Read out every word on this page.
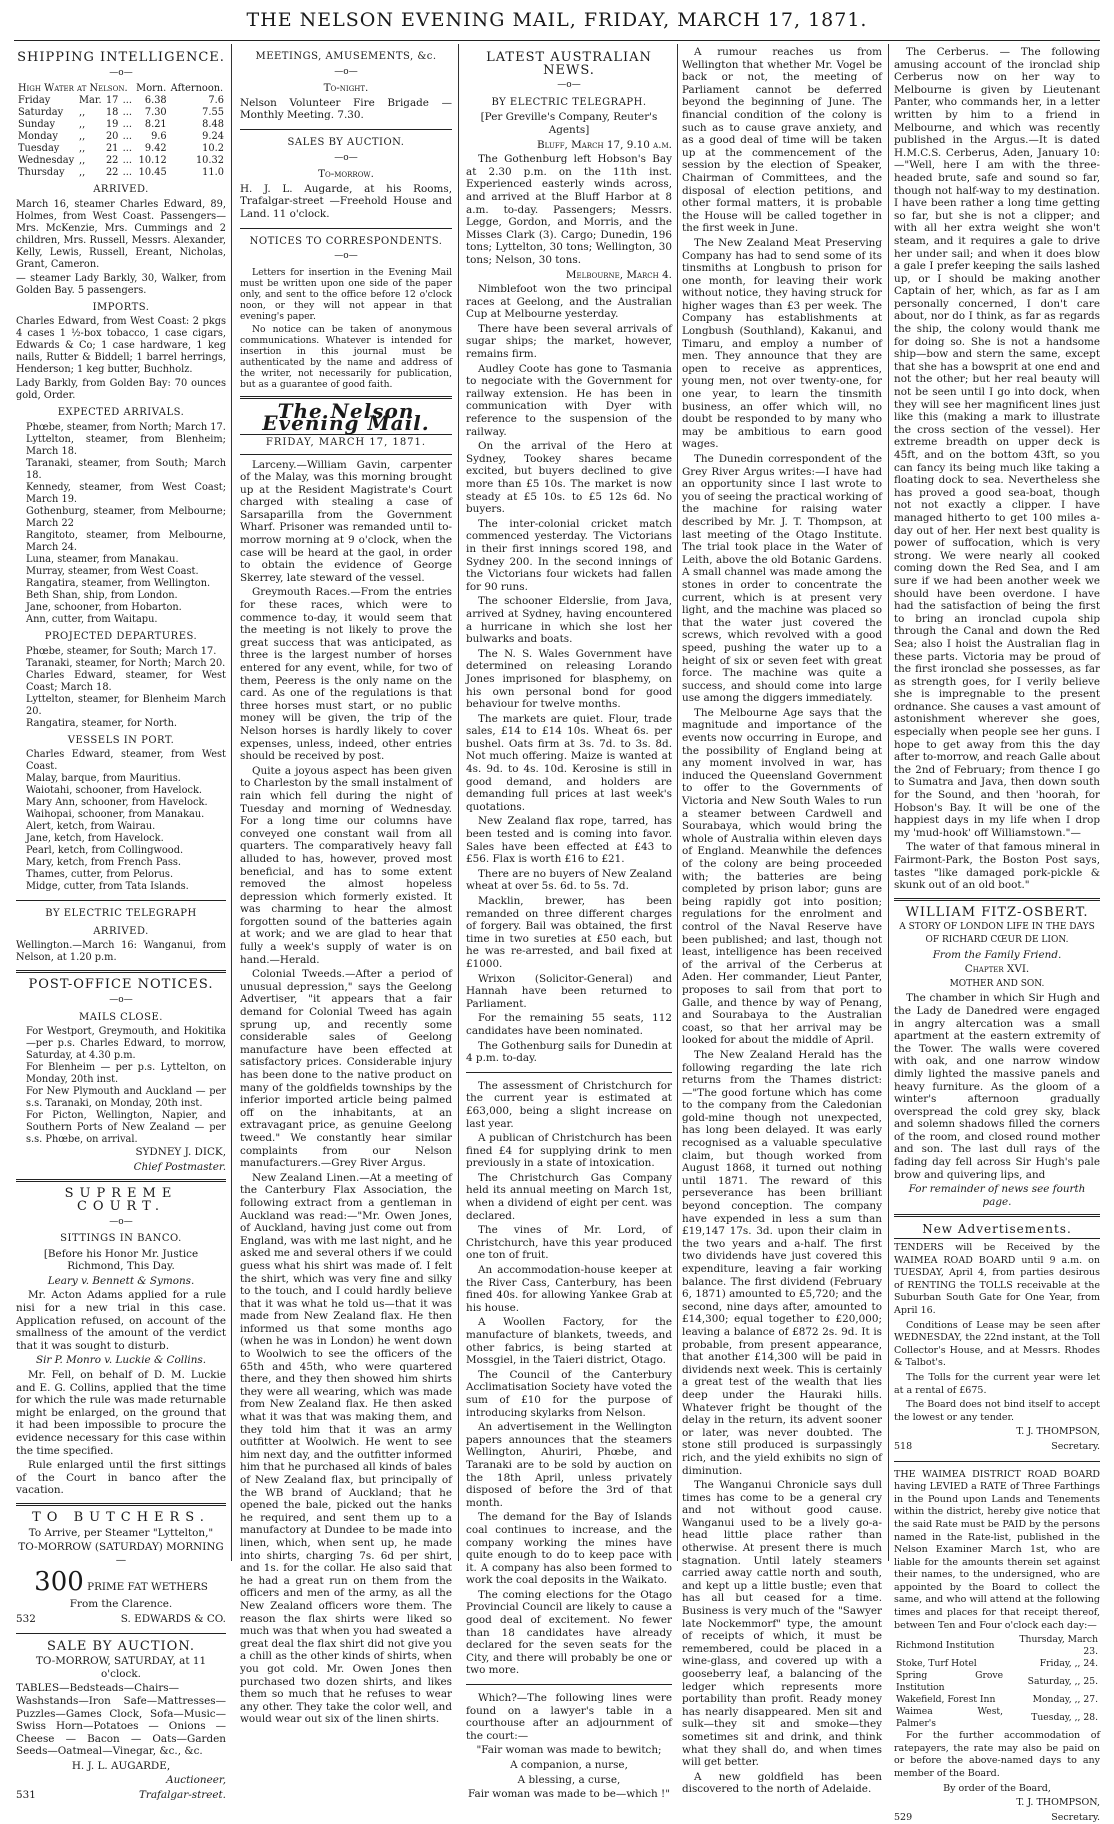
THE NELSON EVENING MAIL, FRIDAY, MARCH 17, 1871.
SHIPPING INTELLIGENCE.
—o—
High Water at Nelson.				Morn.	Afternoon.
Friday	Mar.	17	...	6.38	7.6
Saturday	,,	18	...	7.30	7.55
Sunday	,,	19	...	8.21	8.48
Monday	,,	20	...	9.6	9.24
Tuesday	,,	21	...	9.42	10.2
Wednesday	,,	22	...	10.12	10.32
Thursday	,,	22	...	10.45	11.0
ARRIVED.

March 16, steamer Charles Edward, 89, Holmes, from West Coast. Passengers—Mrs. McKenzie, Mrs. Cummings and 2 children, Mrs. Russell, Messrs. Alexander, Kelly, Lewis, Russell, Ereant, Nicholas, Grant, Cameron.

— steamer Lady Barkly, 30, Walker, from Golden Bay. 5 passengers.

IMPORTS.

Charles Edward, from West Coast: 2 pkgs 4 cases 1 ½-box tobacco, 1 case cigars, Edwards & Co; 1 case hardware, 1 keg nails, Rutter & Biddell; 1 barrel herrings, Henderson; 1 keg butter, Buchholz.

Lady Barkly, from Golden Bay: 70 ounces gold, Order.

EXPECTED ARRIVALS.
Phœbe, steamer, from North; March 17.
Lyttelton, steamer, from Blenheim; March 18.
Taranaki, steamer, from South; March 18.
Kennedy, steamer, from West Coast; March 19.
Gothenburg, steamer, from Melbourne; March 22
Rangitoto, steamer, from Melbourne, March 24.
Luna, steamer, from Manakau.
Murray, steamer, from West Coast.
Rangatira, steamer, from Wellington.
Beth Shan, ship, from London.
Jane, schooner, from Hobarton.
Ann, cutter, from Waitapu.
PROJECTED DEPARTURES.
Phœbe, steamer, for South; March 17.
Taranaki, steamer, for North; March 20.
Charles Edward, steamer, for West Coast; March 18.
Lyttelton, steamer, for Blenheim March 20.
Rangatira, steamer, for North.
VESSELS IN PORT.
Charles Edward, steamer, from West Coast.
Malay, barque, from Mauritius.
Waiotahi, schooner, from Havelock.
Mary Ann, schooner, from Havelock.
Waihopai, schooner, from Manakau.
Alert, ketch, from Wairau.
Jane, ketch, from Havelock.
Pearl, ketch, from Collingwood.
Mary, ketch, from French Pass.
Thames, cutter, from Pelorus.
Midge, cutter, from Tata Islands.
BY ELECTRIC TELEGRAPH
ARRIVED.

Wellington.—March 16: Wanganui, from Nelson, at 1.20 p.m.

POST-OFFICE NOTICES.
—o—
MAILS CLOSE.
For Westport, Greymouth, and Hokitika—per p.s. Charles Edward, to morrow, Saturday, at 4.30 p.m.
For Blenheim — per p.s. Lyttelton, on Monday, 20th inst.
For New Plymouth and Auckland — per s.s. Taranaki, on Monday, 20th inst.
For Picton, Wellington, Napier, and Southern Ports of New Zealand — per s.s. Phœbe, on arrival.

SYDNEY J. DICK,

Chief Postmaster.

SUPREME COURT.
—o—
SITTINGS IN BANCO.

[Before his Honor Mr. Justice Richmond, This Day.

Leary v. Bennett & Symons.

Mr. Acton Adams applied for a rule nisi for a new trial in this case. Application refused, on account of the smallness of the amount of the verdict that it was sought to disturb.

Sir P. Monro v. Luckie & Collins.

Mr. Fell, on behalf of D. M. Luckie and E. G. Collins, applied that the time for which the rule was made returnable might be enlarged, on the ground that it had been impossible to procure the evidence necessary for this case within the time specified.

Rule enlarged until the first sittings of the Court in banco after the vacation.

TO BUTCHERS.

To Arrive, per Steamer "Lyttelton,"

TO-MORROW (SATURDAY) MORNING—

300 PRIME FAT WETHERS

From the Clarence.

532	S. EDWARDS & CO.

SALE BY AUCTION.

TO-MORROW, SATURDAY, at 11 o'clock.

TABLES—Bedsteads—Chairs—Washstands—Iron Safe—Mattresses—Puzzles—Games Clock, Sofa—Music—Swiss Horn—Potatoes — Onions — Cheese — Bacon — Oats—Garden Seeds—Oatmeal—Vinegar, &c., &c.

H. J. L. AUGARDE,

Auctioneer,

531	Trafalgar-street.

MEETINGS, AMUSEMENTS, &c.
—o—

To-night.

Nelson Volunteer Fire Brigade — Monthly Meeting. 7.30.

SALES BY AUCTION.
—o—

To-morrow.

H. J. L. Augarde, at his Rooms, Trafalgar-street —Freehold House and Land. 11 o'clock.

NOTICES TO CORRESPONDENTS.
—o—

Letters for insertion in the Evening Mail must be written upon one side of the paper only, and sent to the office before 12 o'clock noon, or they will not appear in that evening's paper.

No notice can be taken of anonymous communications. Whatever is intended for insertion in this journal must be authenticated by the name and address of the writer, not necessarily for publication, but as a guarantee of good faith.

The Nelson Evening Mail.
FRIDAY, MARCH 17, 1871.

Larceny.—William Gavin, carpenter of the Malay, was this morning brought up at the Resident Magistrate's Court charged with stealing a case of Sarsaparilla from the Government Wharf. Prisoner was remanded until to-morrow morning at 9 o'clock, when the case will be heard at the gaol, in order to obtain the evidence of George Skerrey, late steward of the vessel.

Greymouth Races.—From the entries for these races, which were to commence to-day, it would seem that the meeting is not likely to prove the great success that was anticipated, as three is the largest number of horses entered for any event, while, for two of them, Peeress is the only name on the card. As one of the regulations is that three horses must start, or no public money will be given, the trip of the Nelson horses is hardly likely to cover expenses, unless, indeed, other entries should be received by post.

Quite a joyous aspect has been given to Charleston by the small instalment of rain which fell during the night of Tuesday and morning of Wednesday. For a long time our columns have conveyed one constant wail from all quarters. The comparatively heavy fall alluded to has, however, proved most beneficial, and has to some extent removed the almost hopeless depression which formerly existed. It was charming to hear the almost forgotten sound of the batteries again at work; and we are glad to hear that fully a week's supply of water is on hand.—Herald.

Colonial Tweeds.—After a period of unusual depression," says the Geelong Advertiser, "it appears that a fair demand for Colonial Tweed has again sprung up, and recently some considerable sales of Geelong manufacture have been effected at satisfactory prices. Considerable injury has been done to the native product on many of the goldfields townships by the inferior imported article being palmed off on the inhabitants, at an extravagant price, as genuine Geelong tweed." We constantly hear similar complaints from our Nelson manufacturers.—Grey River Argus.

New Zealand Linen.—At a meeting of the Canterbury Flax Association, the following extract from a gentleman in Auckland was read:—"Mr. Owen Jones, of Auckland, having just come out from England, was with me last night, and he asked me and several others if we could guess what his shirt was made of. I felt the shirt, which was very fine and silky to the touch, and I could hardly believe that it was what he told us—that it was made from New Zealand flax. He then informed us that some months ago (when he was in London) he went down to Woolwich to see the officers of the 65th and 45th, who were quartered there, and they then showed him shirts they were all wearing, which was made from New Zealand flax. He then asked what it was that was making them, and they told him that it was an army outfitter at Woolwich. He went to see him next day, and the outfitter informed him that he purchased all kinds of bales of New Zealand flax, but principally of the WB brand of Auckland; that he opened the bale, picked out the hanks he required, and sent them up to a manufactory at Dundee to be made into linen, which, when sent up, he made into shirts, charging 7s. 6d per shirt, and 1s. for the collar. He also said that he had a great run on them from the officers and men of the army, as all the New Zealand officers wore them. The reason the flax shirts were liked so much was that when you had sweated a great deal the flax shirt did not give you a chill as the other kinds of shirts, when you got cold. Mr. Owen Jones then purchased two dozen shirts, and likes them so much that he refuses to wear any other. They take the color well, and would wear out six of the linen shirts.

LATEST AUSTRALIAN NEWS.
—o—
BY ELECTRIC TELEGRAPH.

[Per Greville's Company, Reuter's Agents]

Bluff, March 17, 9.10 a.m.

The Gothenburg left Hobson's Bay at 2.30 p.m. on the 11th inst. Experienced easterly winds across, and arrived at the Bluff Harbor at 8 a.m. to-day. Passengers; Messrs. Legge, Gordon, and Morris, and the Misses Clark (3). Cargo; Dunedin, 196 tons; Lyttelton, 30 tons; Wellington, 30 tons; Nelson, 30 tons.

Melbourne, March 4.

Nimblefoot won the two principal races at Geelong, and the Australian Cup at Melbourne yesterday.

There have been several arrivals of sugar ships; the market, however, remains firm.

Audley Coote has gone to Tasmania to negociate with the Government for railway extension. He has been in communication with Dyer with reference to the suspension of the railway.

On the arrival of the Hero at Sydney, Tookey shares became excited, but buyers declined to give more than £5 10s. The market is now steady at £5 10s. to £5 12s 6d. No buyers.

The inter-colonial cricket match commenced yesterday. The Victorians in their first innings scored 198, and Sydney 200. In the second innings of the Victorians four wickets had fallen for 90 runs.

The schooner Elderslie, from Java, arrived at Sydney, having encountered a hurricane in which she lost her bulwarks and boats.

The N. S. Wales Government have determined on releasing Lorando Jones imprisoned for blasphemy, on his own personal bond for good behaviour for twelve months.

The markets are quiet. Flour, trade sales, £14 to £14 10s. Wheat 6s. per bushel. Oats firm at 3s. 7d. to 3s. 8d. Not much offering. Maize is wanted at 4s. 9d. to 4s. 10d. Kerosine is still in good demand, and holders are demanding full prices at last week's quotations.

New Zealand flax rope, tarred, has been tested and is coming into favor. Sales have been effected at £43 to £56. Flax is worth £16 to £21.

There are no buyers of New Zealand wheat at over 5s. 6d. to 5s. 7d.

Macklin, brewer, has been remanded on three different charges of forgery. Bail was obtained, the first time in two sureties at £50 each, but he was re-arrested, and bail fixed at £1000.

Wrixon (Solicitor-General) and Hannah have been returned to Parliament.

For the remaining 55 seats, 112 candidates have been nominated.

The Gothenburg sails for Dunedin at 4 p.m. to-day.

The assessment of Christchurch for the current year is estimated at £63,000, being a slight increase on last year.

A publican of Christchurch has been fined £4 for supplying drink to men previously in a state of intoxication.

The Christchurch Gas Company held its annual meeting on March 1st, when a dividend of eight per cent. was declared.

The vines of Mr. Lord, of Christchurch, have this year produced one ton of fruit.

An accommodation-house keeper at the River Cass, Canterbury, has been fined 40s. for allowing Yankee Grab at his house.

A Woollen Factory, for the manufacture of blankets, tweeds, and other fabrics, is being started at Mossgiel, in the Taieri district, Otago.

The Council of the Canterbury Acclimatisation Society have voted the sum of £10 for the purpose of introducing skylarks from Nelson.

An advertisement in the Wellington papers announces that the steamers Wellington, Ahuriri, Phœbe, and Taranaki are to be sold by auction on the 18th April, unless privately disposed of before the 3rd of that month.

The demand for the Bay of Islands coal continues to increase, and the company working the mines have quite enough to do to keep pace with it. A company has also been formed to work the coal deposits in the Waikato.

The coming elections for the Otago Provincial Council are likely to cause a good deal of excitement. No fewer than 18 candidates have already declared for the seven seats for the City, and there will probably be one or two more.

Which?—The following lines were found on a lawyer's table in a courthouse after an adjournment of the court:—

"Fair woman was made to bewitch;

A companion, a nurse,

A blessing, a curse,

Fair woman was made to be—which !"

A rumour reaches us from Wellington that whether Mr. Vogel be back or not, the meeting of Parliament cannot be deferred beyond the beginning of June. The financial condition of the colony is such as to cause grave anxiety, and as a good deal of time will be taken up at the commencement of the session by the election of Speaker, Chairman of Committees, and the disposal of election petitions, and other formal matters, it is probable the House will be called together in the first week in June.

The New Zealand Meat Preserving Company has had to send some of its tinsmiths at Longbush to prison for one month, for leaving their work without notice, they having struck for higher wages than £3 per week. The Company has establishments at Longbush (Southland), Kakanui, and Timaru, and employ a number of men. They announce that they are open to receive as apprentices, young men, not over twenty-one, for one year, to learn the tinsmith business, an offer which will, no doubt be responded to by many who may be ambitious to earn good wages.

The Dunedin correspondent of the Grey River Argus writes:—I have had an opportunity since I last wrote to you of seeing the practical working of the machine for raising water described by Mr. J. T. Thompson, at last meeting of the Otago Institute. The trial took place in the Water of Leith, above the old Botanic Gardens. A small channel was made among the stones in order to concentrate the current, which is at present very light, and the machine was placed so that the water just covered the screws, which revolved with a good speed, pushing the water up to a height of six or seven feet with great force. The machine was quite a success, and should come into large use among the diggers immediately.

The Melbourne Age says that the magnitude and importance of the events now occurring in Europe, and the possibility of England being at any moment involved in war, has induced the Queensland Government to offer to the Governments of Victoria and New South Wales to run a steamer between Cardwell and Sourabaya, which would bring the whole of Australia within eleven days of England. Meanwhile the defences of the colony are being proceeded with; the batteries are being completed by prison labor; guns are being rapidly got into position; regulations for the enrolment and control of the Naval Reserve have been published; and last, though not least, intelligence has been received of the arrival of the Cerberus at Aden. Her commander, Lieut Panter, proposes to sail from that port to Galle, and thence by way of Penang, and Sourabaya to the Australian coast, so that her arrival may be looked for about the middle of April.

The New Zealand Herald has the following regarding the late rich returns from the Thames district:—"The good fortune which has come to the company from the Caledonian gold-mine though not unexpected, has long been delayed. It was early recognised as a valuable speculative claim, but though worked from August 1868, it turned out nothing until 1871. The reward of this perseverance has been brilliant beyond conception. The company have expended in less a sum than £19,147 17s. 3d. upon their claim in the two years and a-half. The first two dividends have just covered this expenditure, leaving a fair working balance. The first dividend (February 6, 1871) amounted to £5,720; and the second, nine days after, amounted to £14,300; equal together to £20,000; leaving a balance of £872 2s. 9d. It is probable, from present appearance, that another £14,300 will be paid in dividends next week. This is certainly a great test of the wealth that lies deep under the Hauraki hills. Whatever fright be thought of the delay in the return, its advent sooner or later, was never doubted. The stone still produced is surpassingly rich, and the yield exhibits no sign of diminution.

The Wanganui Chronicle says dull times has come to be a general cry and not without good cause. Wanganui used to be a lively go-a-head little place rather than otherwise. At present there is much stagnation. Until lately steamers carried away cattle north and south, and kept up a little bustle; even that has all but ceased for a time. Business is very much of the "Sawyer late Nockemmorf" type, the amount of receipts of which, it must be remembered, could be placed in a wine-glass, and covered up with a gooseberry leaf, a balancing of the ledger which represents more portability than profit. Ready money has nearly disappeared. Men sit and sulk—they sit and smoke—they sometimes sit and drink, and think what they shall do, and when times will get better.

A new goldfield has been discovered to the north of Adelaide.

The Cerberus. — The following amusing account of the ironclad ship Cerberus now on her way to Melbourne is given by Lieutenant Panter, who commands her, in a letter written by him to a friend in Melbourne, and which was recently published in the Argus.—It is dated H.M.C.S. Cerberus, Aden, January 10:—"Well, here I am with the three-headed brute, safe and sound so far, though not half-way to my destination. I have been rather a long time getting so far, but she is not a clipper; and with all her extra weight she won't steam, and it requires a gale to drive her under sail; and when it does blow a gale I prefer keeping the sails lashed up, or I should be making another Captain of her, which, as far as I am personally concerned, I don't care about, nor do I think, as far as regards the ship, the colony would thank me for doing so. She is not a handsome ship—bow and stern the same, except that she has a bowsprit at one end and not the other; but her real beauty will not be seen until I go into dock, when they will see her magnificent lines just like this (making a mark to illustrate the cross section of the vessel). Her extreme breadth on upper deck is 45ft, and on the bottom 43ft, so you can fancy its being much like taking a floating dock to sea. Nevertheless she has proved a good sea-boat, though not not exactly a clipper. I have managed hitherto to get 100 miles a-day out of her. Her next best quality is power of suffocation, which is very strong. We were nearly all cooked coming down the Red Sea, and I am sure if we had been another week we should have been overdone. I have had the satisfaction of being the first to bring an ironclad cupola ship through the Canal and down the Red Sea; also I hoist the Australian flag in these parts. Victoria may be proud of the first ironclad she possesses, as far as strength goes, for I verily believe she is impregnable to the present ordnance. She causes a vast amount of astonishment wherever she goes, especially when people see her guns. I hope to get away from this the day after to-morrow, and reach Galle about the 2nd of February; from thence I go to Sumatra and Java, then down south for the Sound, and then 'hoorah, for Hobson's Bay. It will be one of the happiest days in my life when I drop my 'mud-hook' off Williamstown."—

The water of that famous mineral in Fairmont-Park, the Boston Post says, tastes "like damaged pork-pickle & skunk out of an old boot."

WILLIAM FITZ-OSBERT.

A STORY OF LONDON LIFE IN THE DAYS OF RICHARD CŒUR DE LION.

From the Family Friend.

Chapter XVI.

MOTHER AND SON.

The chamber in which Sir Hugh and the Lady de Danedred were engaged in angry altercation was a small apartment at the eastern extremity of the Tower. The walls were covered with oak, and one narrow window dimly lighted the massive panels and heavy furniture. As the gloom of a winter's afternoon gradually overspread the cold grey sky, black and solemn shadows filled the corners of the room, and closed round mother and son. The last dull rays of the fading day fell across Sir Hugh's pale brow and quivering lips, and

For remainder of news see fourth page.

New Advertisements.

TENDERS will be Received by the WAIMEA ROAD BOARD until 9 a.m. on TUESDAY, April 4, from parties desirous of RENTING the TOLLS receivable at the Suburban South Gate for One Year, from April 16.

Conditions of Lease may be seen after WEDNESDAY, the 22nd instant, at the Toll Collector's House, and at Messrs. Rhodes & Talbot's.

The Tolls for the current year were let at a rental of £675.

The Board does not bind itself to accept the lowest or any tender.

T. J. THOMPSON,

518	Secretary.

THE WAIMEA DISTRICT ROAD BOARD having LEVIED a RATE of Three Farthings in the Pound upon Lands and Tenements within the district, hereby give notice that the said Rate must be PAID by the persons named in the Rate-list, published in the Nelson Examiner March 1st, who are liable for the amounts therein set against their names, to the undersigned, who are appointed by the Board to collect the same, and who will attend at the following times and places for that receipt thereof, between Ten and Four o'clock each day:—

Richmond Institution	Thursday, March 23.
Stoke, Turf Hotel	Friday, ,, 24.
Spring Grove Institution	Saturday, ,, 25.
Wakefield, Forest Inn	Monday, ,, 27.
Waimea West, Palmer's	Tuesday, ,, 28.

For the further accommodation of ratepayers, the rate may also be paid on or before the above-named days to any member of the Board.

By order of the Board,

T. J. THOMPSON,

529	Secretary.
